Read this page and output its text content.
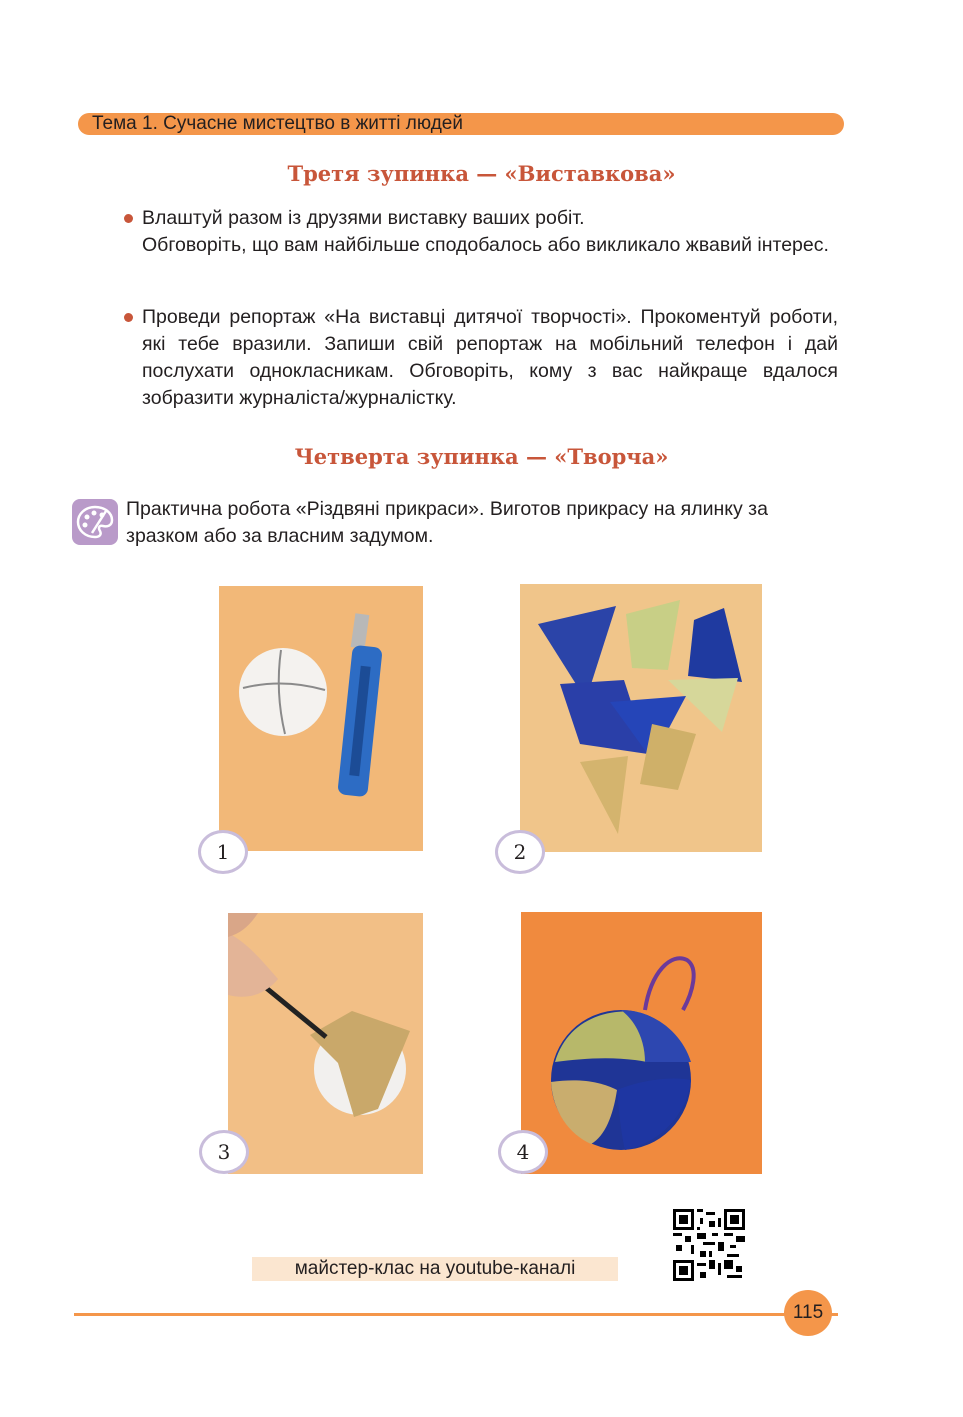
Тема 1. Сучасне мистецтво в житті людей
Третя зупинка — «Виставкова»
Влаштуй разом із друзями виставку ваших робіт.
Обговоріть, що вам найбільше сподобалось або викликало жвавий інтерес.
Проведи репортаж «На виставці дитячої творчості». Прокоментуй роботи, які тебе вразили. Запиши свій репортаж на мобільний телефон і дай послухати однокласникам. Обговоріть, кому з вас найкраще вдалося зобразити журналіста/журналістку.
Четверта зупинка — «Творча»
Практична робота «Різдвяні прикраси». Виготов прикрасу на ялинку за зразком або за власним задумом.
1	2
3	4
майстер-клас на youtube-каналі
115
